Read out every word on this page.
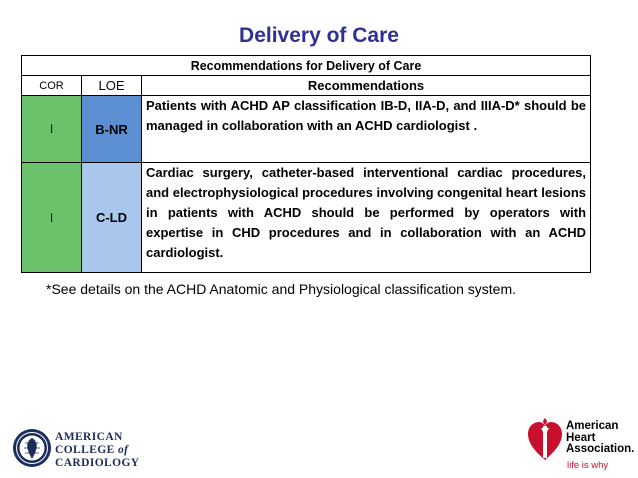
Delivery of Care
Recommendations for Delivery of Care		
COR	LOE	Recommendations
I	B-NR	Patients with ACHD AP classification IB-D, IIA-D, and IIIA-D* should be managed in collaboration with an ACHD cardiologist .
I	C-LD	Cardiac surgery, catheter-based interventional cardiac procedures, and electrophysiological procedures involving congenital heart lesions in patients with ACHD should be performed by operators with expertise in CHD procedures and in collaboration with an ACHD cardiologist.
*See details on the ACHD Anatomic and Physiological classification system.
AMERICAN
COLLEGE of
CARDIOLOGY
American
Heart
Association.
life is why
